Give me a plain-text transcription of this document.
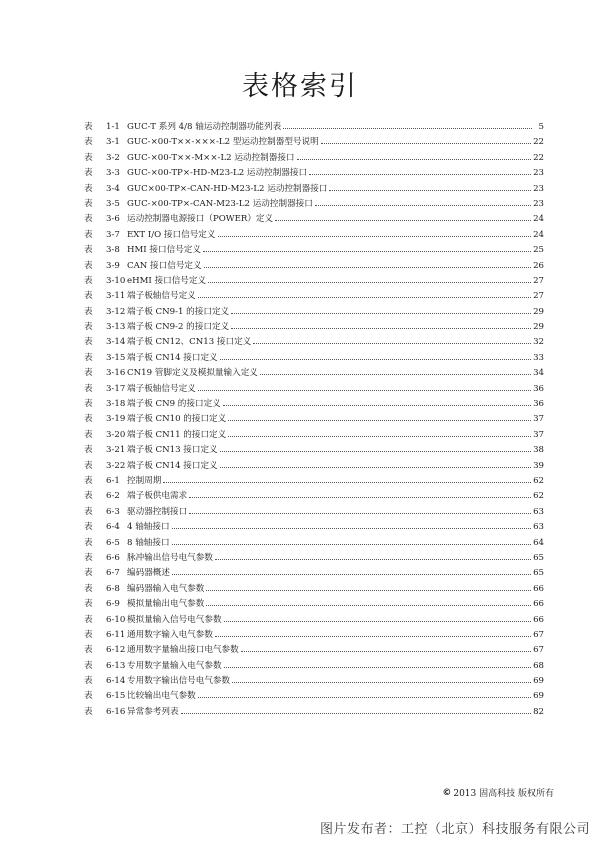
表格索引
表	1-1 GUC-T 系列 4/8 轴运动控制器功能列表	5
表	3-1 GUC-×00-T××-×××-L2 型运动控制器型号说明	22
表	3-2 GUC-×00-T××-M××-L2 运动控制器接口	22
表	3-3 GUC-×00-TP×-HD-M23-L2 运动控制器接口	23
表	3-4 GUC×00-TP×-CAN-HD-M23-L2 运动控制器接口	23
表	3-5 GUC-×00-TP×-CAN-M23-L2 运动控制器接口	23
表	3-6 运动控制器电源接口（POWER）定义	24
表	3-7 EXT I/O 接口信号定义	24
表	3-8 HMI 接口信号定义	25
表	3-9 CAN 接口信号定义	26
表	3-10 eHMI 接口信号定义	27
表	3-11 端子板轴信号定义	27
表	3-12 端子板 CN9-1 的接口定义	29
表	3-13 端子板 CN9-2 的接口定义	29
表	3-14 端子板 CN12、CN13 接口定义	32
表	3-15 端子板 CN14 接口定义	33
表	3-16 CN19 管脚定义及模拟量输入定义	34
表	3-17 端子板轴信号定义	36
表	3-18 端子板 CN9 的接口定义	36
表	3-19 端子板 CN10 的接口定义	37
表	3-20 端子板 CN11 的接口定义	37
表	3-21 端子板 CN13 接口定义	38
表	3-22 端子板 CN14 接口定义	39
表	6-1 控制周期	62
表	6-2 端子板供电需求	62
表	6-3 驱动器控制接口	63
表	6-4 4 轴轴接口	63
表	6-5 8 轴轴接口	64
表	6-6 脉冲输出信号电气参数	65
表	6-7 编码器概述	65
表	6-8 编码器输入电气参数	66
表	6-9 模拟量输出电气参数	66
表	6-10 模拟量输入信号电气参数	66
表	6-11 通用数字输入电气参数	67
表	6-12 通用数字量输出接口电气参数	67
表	6-13 专用数字量输入电气参数	68
表	6-14 专用数字输出信号电气参数	69
表	6-15 比较输出电气参数	69
表	6-16 异常参考列表	82
© 2013 固高科技 版权所有
图片发布者：工控（北京）科技服务有限公司
